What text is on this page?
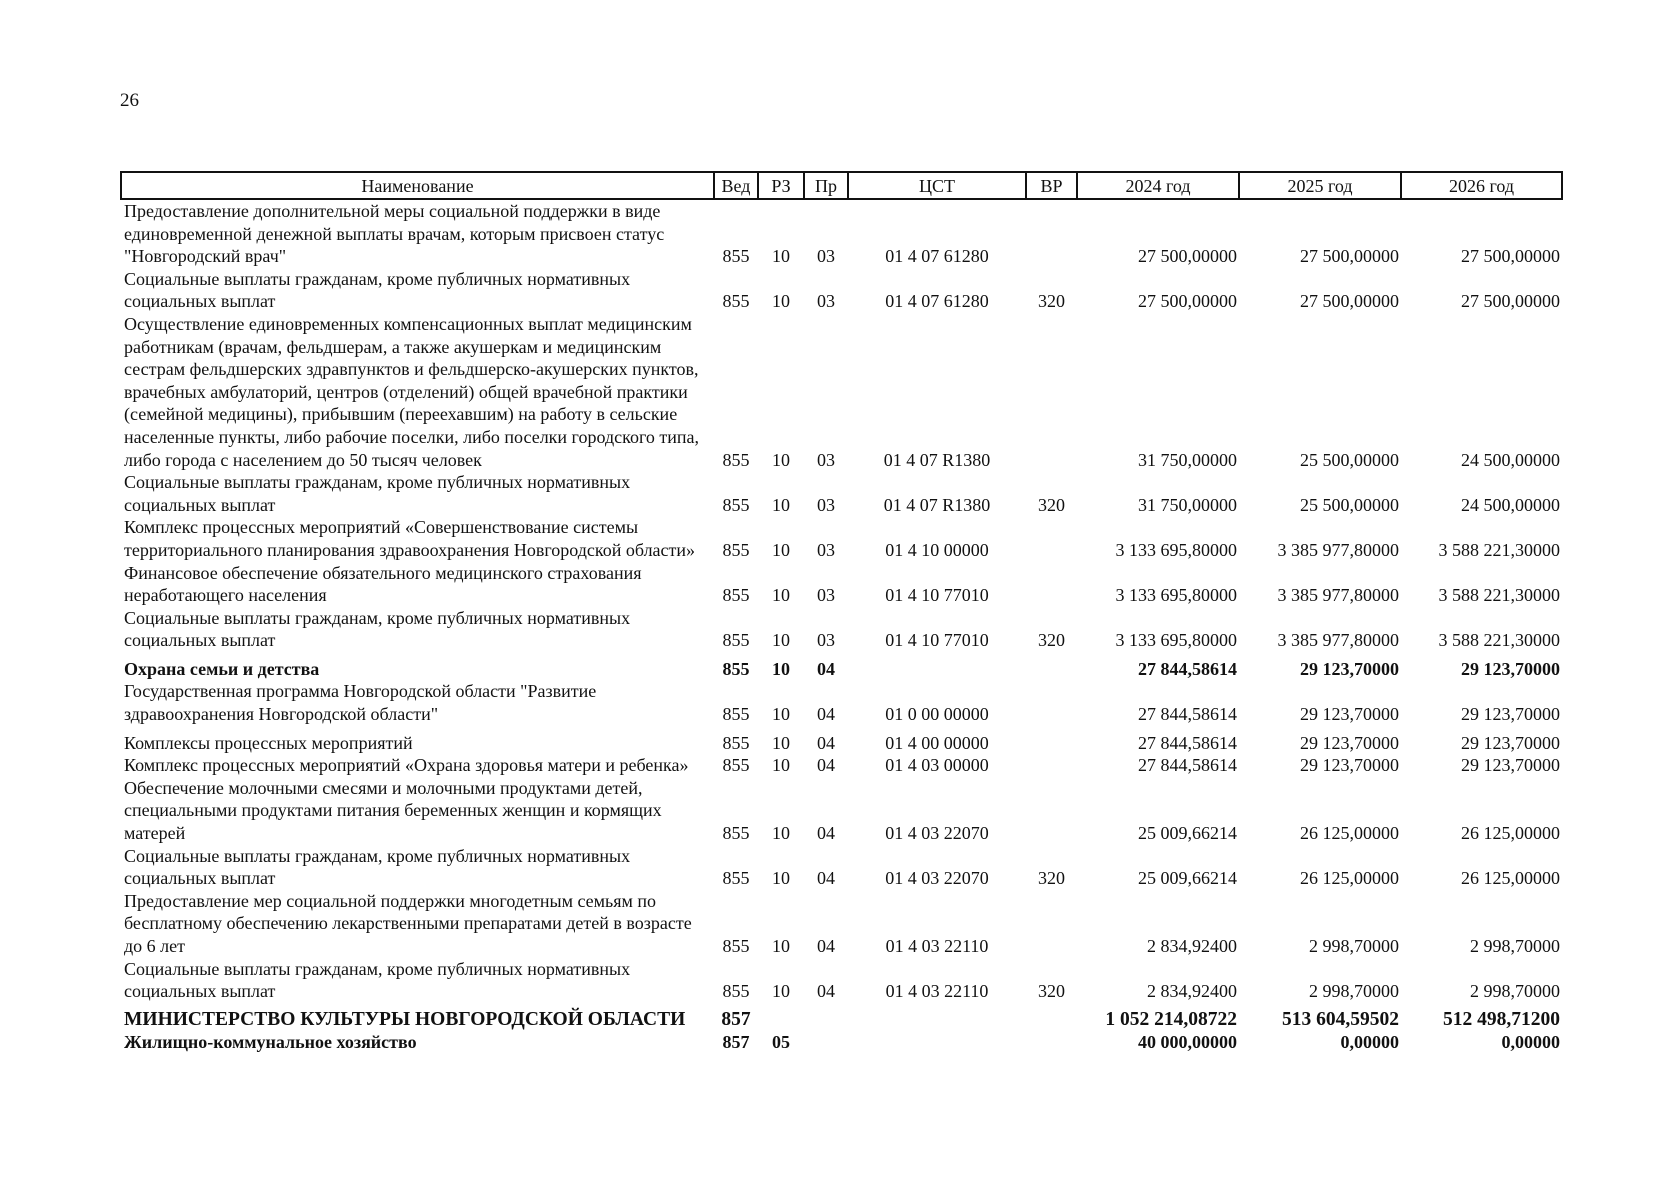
26
Наименование	Вед	РЗ	Пр	ЦСТ	ВР	2024 год	2025 год	2026 год
Предоставление дополнительной меры социальной поддержки в виде единовременной денежной выплаты врачам, которым присвоен статус "Новгородский врач"	855	10	03	01 4 07 61280		27 500,00000	27 500,00000	27 500,00000
Социальные выплаты гражданам, кроме публичных нормативных социальных выплат	855	10	03	01 4 07 61280	320	27 500,00000	27 500,00000	27 500,00000
Осуществление единовременных компенсационных выплат медицинским работникам (врачам, фельдшерам, а также акушеркам и медицинским сестрам фельдшерских здравпунктов и фельдшерско-акушерских пунктов, врачебных амбулаторий, центров (отделений) общей врачебной практики (семейной медицины), прибывшим (переехавшим) на работу в сельские населенные пункты, либо рабочие поселки, либо поселки городского типа, либо города с населением до 50 тысяч человек	855	10	03	01 4 07 R1380		31 750,00000	25 500,00000	24 500,00000
Социальные выплаты гражданам, кроме публичных нормативных социальных выплат	855	10	03	01 4 07 R1380	320	31 750,00000	25 500,00000	24 500,00000
Комплекс процессных мероприятий «Совершенствование системы территориального планирования здравоохранения Новгородской области»	855	10	03	01 4 10 00000		3 133 695,80000	3 385 977,80000	3 588 221,30000
Финансовое обеспечение обязательного медицинского страхования неработающего населения	855	10	03	01 4 10 77010		3 133 695,80000	3 385 977,80000	3 588 221,30000
Социальные выплаты гражданам, кроме публичных нормативных социальных выплат	855	10	03	01 4 10 77010	320	3 133 695,80000	3 385 977,80000	3 588 221,30000
Охрана семьи и детства	855	10	04			27 844,58614	29 123,70000	29 123,70000
Государственная программа Новгородской области "Развитие здравоохранения Новгородской области"	855	10	04	01 0 00 00000		27 844,58614	29 123,70000	29 123,70000
Комплексы процессных мероприятий	855	10	04	01 4 00 00000		27 844,58614	29 123,70000	29 123,70000
Комплекс процессных мероприятий «Охрана здоровья матери и ребенка»	855	10	04	01 4 03 00000		27 844,58614	29 123,70000	29 123,70000
Обеспечение молочными смесями и молочными продуктами детей, специальными продуктами питания беременных женщин и кормящих матерей	855	10	04	01 4 03 22070		25 009,66214	26 125,00000	26 125,00000
Социальные выплаты гражданам, кроме публичных нормативных социальных выплат	855	10	04	01 4 03 22070	320	25 009,66214	26 125,00000	26 125,00000
Предоставление мер социальной поддержки многодетным семьям по бесплатному обеспечению лекарственными препаратами детей в возрасте до 6 лет	855	10	04	01 4 03 22110		2 834,92400	2 998,70000	2 998,70000
Социальные выплаты гражданам, кроме публичных нормативных социальных выплат	855	10	04	01 4 03 22110	320	2 834,92400	2 998,70000	2 998,70000
МИНИСТЕРСТВО КУЛЬТУРЫ НОВГОРОДСКОЙ ОБЛАСТИ	857					1 052 214,08722	513 604,59502	512 498,71200
Жилищно-коммунальное хозяйство	857	05				40 000,00000	0,00000	0,00000
